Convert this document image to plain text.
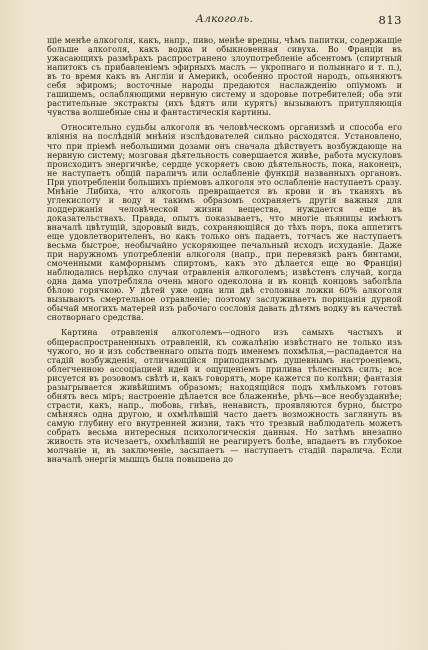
Алкоголь.	813

щіе менѣе алкоголя, какъ, напр., пиво, менѣе вредны, чѣмъ папитки, содержащіе больше алкоголя, какъ водка и обыкновенная сивуха. Во Франціи въ ужасающихъ размѣрахъ распространено злоупотребленіе абсентомъ (спиртный напитокъ съ прибавленіемъ эфирныхъ маслъ — укропнаго и полыннаго и т. п.), въ то время какъ въ Англіи и Америкѣ, особенно простой народъ, опьяняютъ себя эфиромъ; восточные народы предаются наслажденію опіумомъ и гашишемъ, ослабляющими нервную систему и здоровье потребителей; оба эти растительные экстракты (ихъ ѣдятъ или курятъ) вызываютъ притупляющія чувства волшебные сны и фантастическія картины.

Относительно судьбы алкоголя въ человѣческомъ организмѣ и способа его вліянія на послѣдній мнѣнія изслѣдователей сильно расходятся. Установлено, что при пріемѣ небольшими дозами онъ сначала дѣйствуетъ возбуждающе на нервную систему; мозговая дѣятельность совершается живѣе, работа мускуловъ происходитъ энергичнѣе, сердце ускоряетъ свою дѣятельность, пока, наконецъ, не наступаетъ общій параличъ или ослабленіе функцій названныхъ органовъ. При употребленіи большихъ пріемовъ алкоголя это ослабленіе наступаетъ сразу. Мнѣніе Либиха, что алкоголь превращается въ крови и въ тканяхъ въ углекислоту и воду и такимъ образомъ сохраняетъ другія важныя для поддержанія человѣческой жизни вещества, нуждается еще въ доказательствахъ. Правда, опытъ показываетъ, что многіе пьяницы имѣютъ вначалѣ цвѣтущій, здоровый видъ, сохраняющійся до тѣхъ поръ, пока аппетитъ еще удовлетворителенъ, но какъ только онъ падаетъ, тотчасъ же наступаетъ весьма быстрое, необычайно ускоряющее печальный исходъ исхуданіе. Даже при наружномъ употребленіи алкоголя (напр., при перевязкѣ ранъ бинтами, смоченными камфорнымъ спиртомъ, какъ это дѣлается еще во Франціи) наблюдались нерѣдко случаи отравленія алкоголемъ; извѣстенъ случай, когда одна дама употребляла очень много одеколона и въ концѣ концовъ заболѣла бѣлою горячкою. У дѣтей уже одна или двѣ столовыя ложки 60% алкоголя вызываютъ смертельное отравленіе; поэтому заслуживаетъ порицанія дурной обычай многихъ матерей изъ рабочаго сословія давать дѣтямъ водку въ качествѣ снотворнаго средства.

Картина отравленія алкоголемъ—одного изъ самыхъ частыхъ и общераспространенныхъ отравленій, къ сожалѣнію извѣстнаго не только изъ чужого, но и изъ собственнаго опыта подъ именемъ похмѣлья,—распадается на стадій возбужденія, отличающійся приподнятымъ душевнымъ настроеніемъ, облегченною ассоціацией идей и ощущеніемъ прилива тѣлесныхъ силъ; все рисуется въ розовомъ свѣтѣ и, какъ говорятъ, море кажется по колѣни; фантазія разыгрывается живѣйшимъ образомъ; находящійся подъ хмѣлькомъ готовъ обнять весь міръ; настроеніе дѣлается все блаженнѣе, рѣчь—все необузданнѣе; страсти, какъ, напр., любовь, гнѣвъ, ненависть, проявляются бурно, быстро смѣняясь одна другою, и охмѣлѣвшій часто даетъ возможность заглянуть въ самую глубину его внутренней жизни, такъ что трезвый наблюдатель можетъ собрать весьма интересныя психологическія данныя. Но затѣмъ внезапно живость эта исчезаетъ, охмѣлѣвшій не реагируетъ болѣе, впадаетъ въ глубокое молчаніе и, въ заключеніе, засыпаетъ — наступаетъ стадій паралича. Если вначалѣ энергія мышцъ была повышена до
